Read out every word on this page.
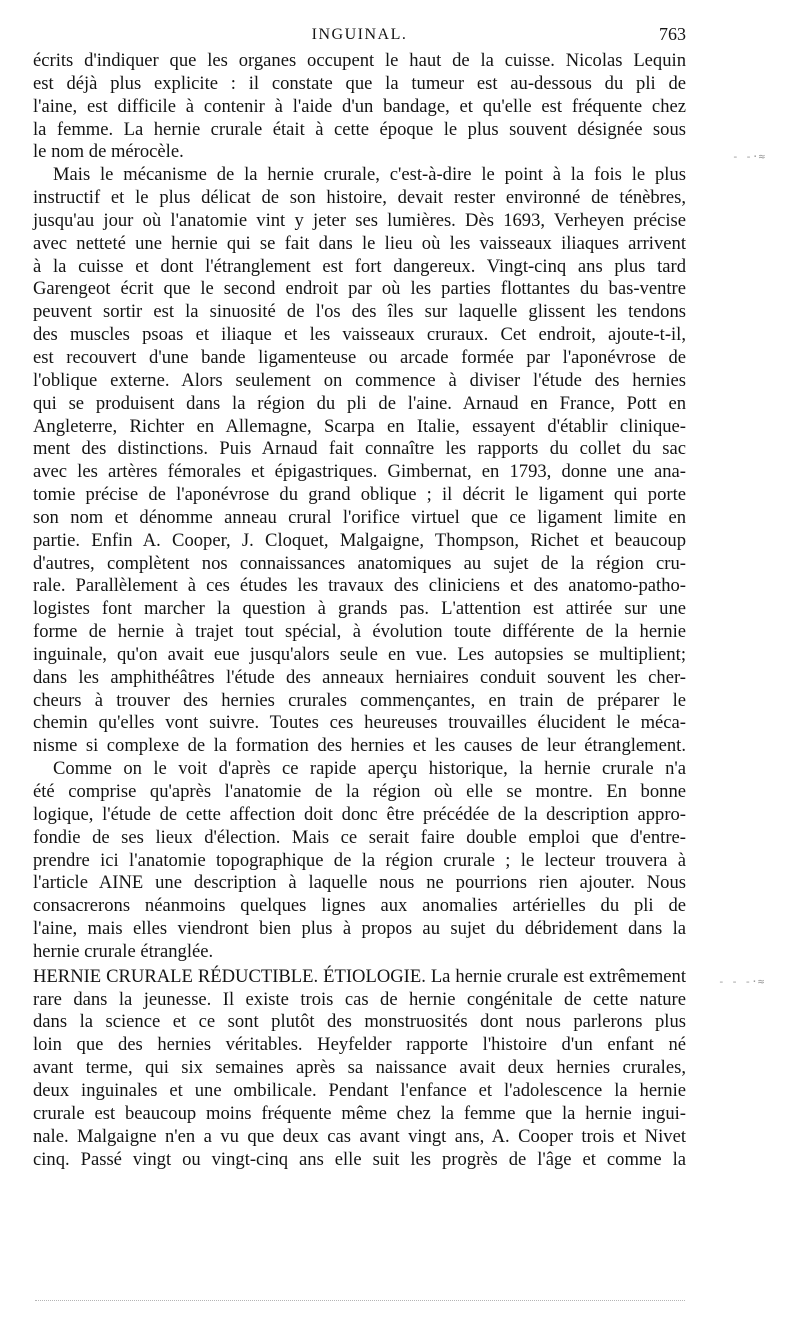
INGUINAL.	763
écrits d'indiquer que les organes occupent le haut de la cuisse. Nicolas Lequin
est déjà plus explicite : il constate que la tumeur est au-dessous du pli de
l'aine, est difficile à contenir à l'aide d'un bandage, et qu'elle est fréquente chez
la femme. La hernie crurale était à cette époque le plus souvent désignée sous
le nom de mérocèle.
Mais le mécanisme de la hernie crurale, c'est-à-dire le point à la fois le plus
instructif et le plus délicat de son histoire, devait rester environné de ténèbres,
jusqu'au jour où l'anatomie vint y jeter ses lumières. Dès 1693, Verheyen précise
avec netteté une hernie qui se fait dans le lieu où les vaisseaux iliaques arrivent
à la cuisse et dont l'étranglement est fort dangereux. Vingt-cinq ans plus tard
Garengeot écrit que le second endroit par où les parties flottantes du bas-ventre
peuvent sortir est la sinuosité de l'os des îles sur laquelle glissent les tendons
des muscles psoas et iliaque et les vaisseaux cruraux. Cet endroit, ajoute-t-il,
est recouvert d'une bande ligamenteuse ou arcade formée par l'aponévrose de
l'oblique externe. Alors seulement on commence à diviser l'étude des hernies
qui se produisent dans la région du pli de l'aine. Arnaud en France, Pott en
Angleterre, Richter en Allemagne, Scarpa en Italie, essayent d'établir clinique-
ment des distinctions. Puis Arnaud fait connaître les rapports du collet du sac
avec les artères fémorales et épigastriques. Gimbernat, en 1793, donne une ana-
tomie précise de l'aponévrose du grand oblique ; il décrit le ligament qui porte
son nom et dénomme anneau crural l'orifice virtuel que ce ligament limite en
partie. Enfin A. Cooper, J. Cloquet, Malgaigne, Thompson, Richet et beaucoup
d'autres, complètent nos connaissances anatomiques au sujet de la région cru-
rale. Parallèlement à ces études les travaux des cliniciens et des anatomo-patho-
logistes font marcher la question à grands pas. L'attention est attirée sur une
forme de hernie à trajet tout spécial, à évolution toute différente de la hernie
inguinale, qu'on avait eue jusqu'alors seule en vue. Les autopsies se multiplient;
dans les amphithéâtres l'étude des anneaux herniaires conduit souvent les cher-
cheurs à trouver des hernies crurales commençantes, en train de préparer le
chemin qu'elles vont suivre. Toutes ces heureuses trouvailles élucident le méca-
nisme si complexe de la formation des hernies et les causes de leur étranglement.
Comme on le voit d'après ce rapide aperçu historique, la hernie crurale n'a
été comprise qu'après l'anatomie de la région où elle se montre. En bonne
logique, l'étude de cette affection doit donc être précédée de la description appro-
fondie de ses lieux d'élection. Mais ce serait faire double emploi que d'entre-
prendre ici l'anatomie topographique de la région crurale ; le lecteur trouvera à
l'article AINE une description à laquelle nous ne pourrions rien ajouter. Nous
consacrerons néanmoins quelques lignes aux anomalies artérielles du pli de
l'aine, mais elles viendront bien plus à propos au sujet du débridement dans la
hernie crurale étranglée.
HERNIE CRURALE RÉDUCTIBLE. ÉTIOLOGIE. La hernie crurale est extrêmement
rare dans la jeunesse. Il existe trois cas de hernie congénitale de cette nature
dans la science et ce sont plutôt des monstruosités dont nous parlerons plus
loin que des hernies véritables. Heyfelder rapporte l'histoire d'un enfant né
avant terme, qui six semaines après sa naissance avait deux hernies crurales,
deux inguinales et une ombilicale. Pendant l'enfance et l'adolescence la hernie
crurale est beaucoup moins fréquente même chez la femme que la hernie ingui-
nale. Malgaigne n'en a vu que deux cas avant vingt ans, A. Cooper trois et Nivet
cinq. Passé vingt ou vingt-cinq ans elle suit les progrès de l'âge et comme la
- -·≈
- - -·≈
